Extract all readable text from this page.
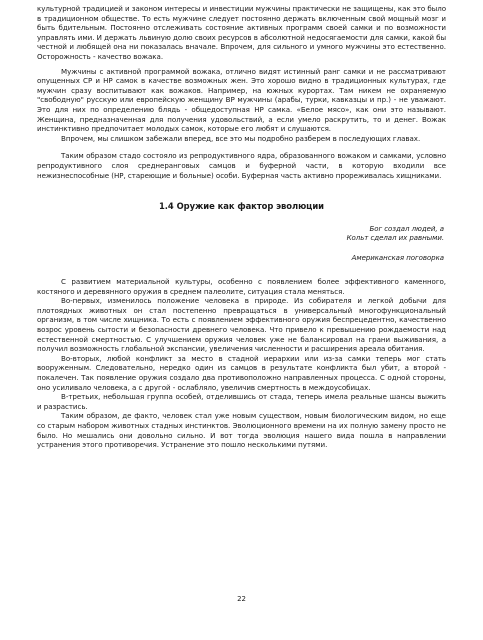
культурной традицией и законом интересы и инвестиции мужчины практически не защищены, как это было в традиционном обществе. То есть мужчине следует постоянно держать включенным свой мощный мозг и быть бдительным. Постоянно отслеживать состояние активных программ своей самки и по возможности управлять ими. И держать львиную долю своих ресурсов в абсолютной недосягаемости для самки, какой бы честной и любящей она ни показалась вначале. Впрочем, для сильного и умного мужчины это естественно. Осторожность - качество вожака.

Мужчины с активной программой вожака, отлично видят истинный ранг самки и не рассматривают опущенных СР и НР самок в качестве возможных жен. Это хорошо видно в традиционных культурах, где мужчин сразу воспитывают как вожаков. Например, на южных курортах. Там никем не охраняемую "свободную" русскую или европейскую женщину ВР мужчины (арабы, турки, кавказцы и пр.) - не уважают. Это для них по определению блядь - общедоступная НР самка. «Белое мясо», как они это называют. Женщина, предназначенная для получения удовольствий, а если умело раскрутить, то и денег. Вожак инстинктивно предпочитает молодых самок, которые его любят и слушаются.

Впрочем, мы слишком забежали вперед, все это мы подробно разберем в последующих главах.

Таким образом стадо состояло из репродуктивного ядра, образованного вожаком и самками, условно репродуктивного слоя среднеранговых самцов и буферной части, в которую входили все нежизнеспособные (НР, стареющие и больные) особи. Буферная часть активно прореживалась хищниками.

1.4 Оружие как фактор эволюции
Бог создал людей, а
Кольт сделал их равными.
Американская поговорка

С развитием материальной культуры, особенно с появлением более эффективного каменного, костяного и деревянного оружия в среднем палеолите, ситуация стала меняться.

Во-первых, изменилось положение человека в природе. Из собирателя и легкой добычи для плотоядных животных он стал постепенно превращаться в универсальный многофункциональный организм, в том числе хищника. То есть с появлением эффективного оружия беспрецедентно, качественно возрос уровень сытости и безопасности древнего человека. Что привело к превышению рождаемости над естественной смертностью. С улучшением оружия человек уже не балансировал на грани выживания, а получил возможность глобальной экспансии, увеличения численности и расширения ареала обитания.

Во-вторых, любой конфликт за место в стадной иерархии или из-за самки теперь мог стать вооруженным. Следовательно, нередко один из самцов в результате конфликта был убит, а второй - покалечен. Так появление оружия создало два противоположно направленных процесса. С одной стороны, оно усиливало человека, а с другой - ослабляло, увеличив смертность в междоусобицах.

В-третьих, небольшая группа особей, отделившись от стада, теперь имела реальные шансы выжить и разрастись.

Таким образом, де факто, человек стал уже новым существом, новым биологическим видом, но еще со старым набором животных стадных инстинктов. Эволюционного времени на их полную замену просто не было. Но мешались они довольно сильно. И вот тогда эволюция нашего вида пошла в направлении устранения этого противоречия. Устранение это пошло несколькими путями.

22
